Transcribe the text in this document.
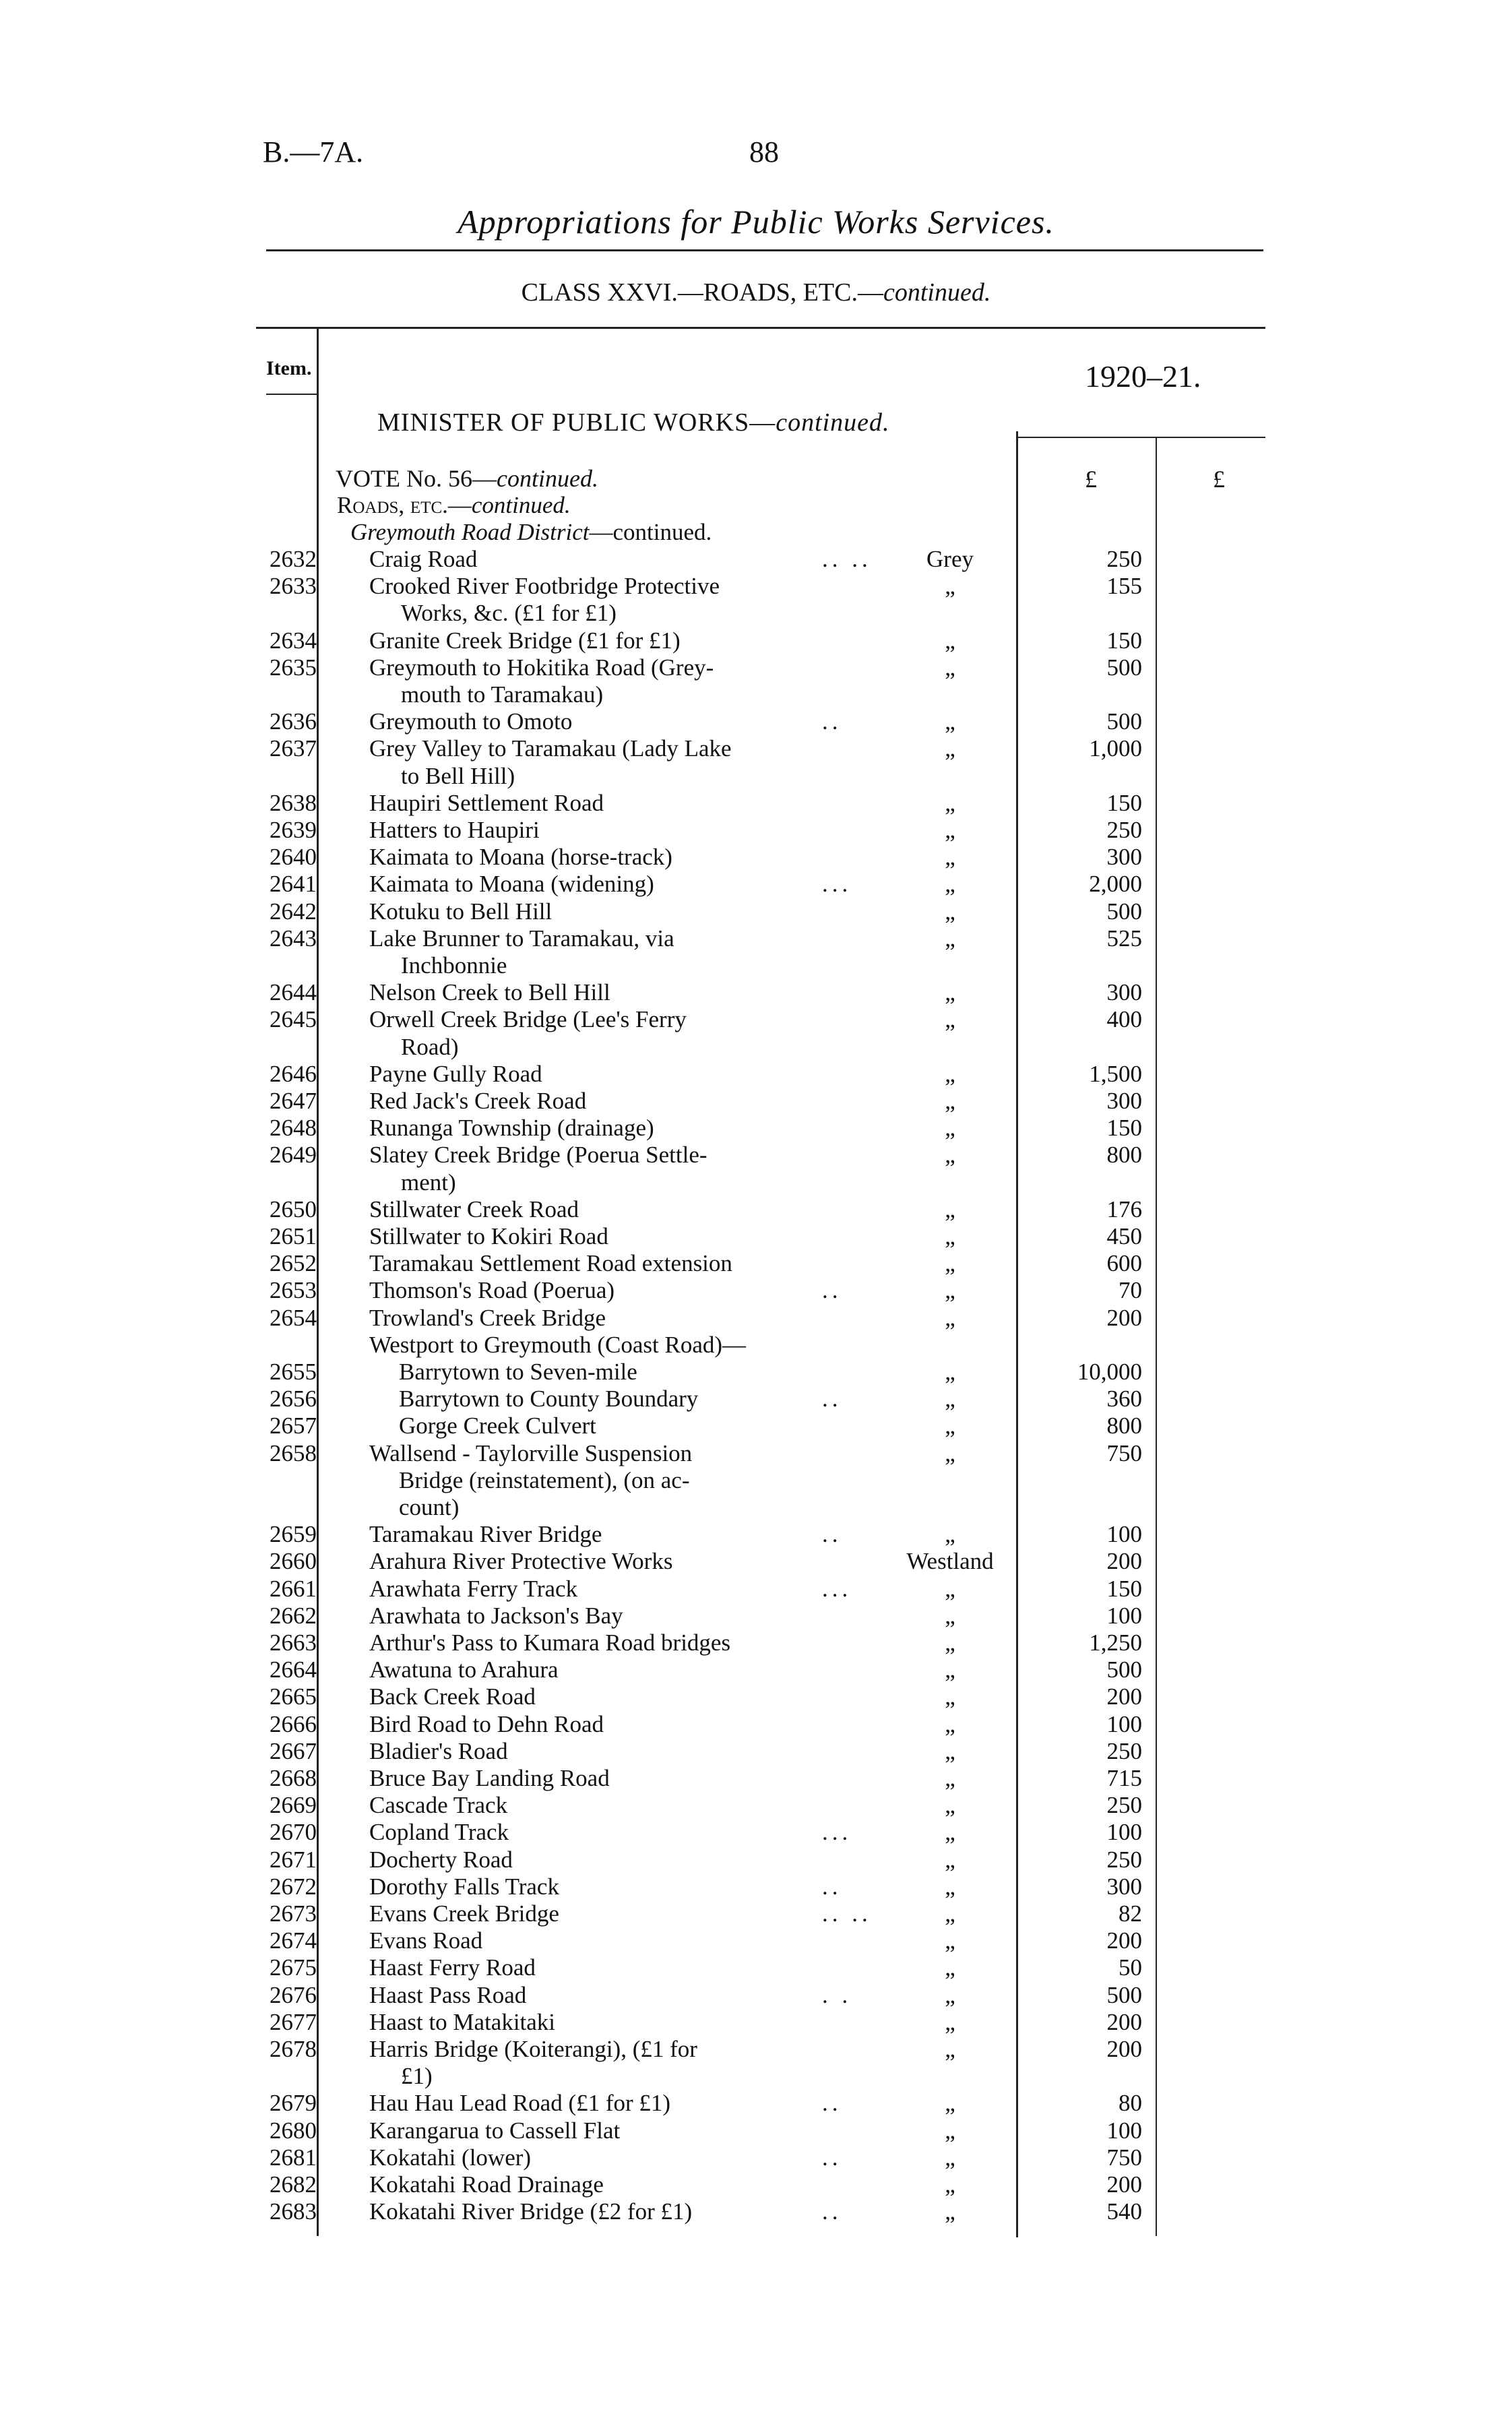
B.—7A.	88
Appropriations for Public Works Services.
CLASS XXVI.—ROADS, ETC.—continued.
Item.	1920–21.
MINISTER OF PUBLIC WORKS—continued.
£	£
VOTE No. 56—continued.
Roads, etc.—continued.
Greymouth Road District—continued.
2632 Craig Road	.. ..	Grey	250
2633 Crooked River Footbridge Protective
Works, &c. (£1 for £1)
„	155
2634 Granite Creek Bridge (£1 for £1)	„	150
2635 Greymouth to Hokitika Road (Grey-
mouth to Taramakau)
„	500
2636 Greymouth to Omoto	..	„	500
2637 Grey Valley to Taramakau (Lady Lake
to Bell Hill)
„	1,000
2638 Haupiri Settlement Road	„	150
2639 Hatters to Haupiri	„	250
2640 Kaimata to Moana (horse-track)	„	300
2641 Kaimata to Moana (widening)	...	„	2,000
2642 Kotuku to Bell Hill	„	500
2643 Lake Brunner to Taramakau, via
Inchbonnie
„	525
2644 Nelson Creek to Bell Hill	„	300
2645 Orwell Creek Bridge (Lee's Ferry
Road)
„	400
2646 Payne Gully Road	„	1,500
2647 Red Jack's Creek Road	„	300
2648 Runanga Township (drainage)	„	150
2649 Slatey Creek Bridge (Poerua Settle-
ment)
„	800
2650 Stillwater Creek Road	„	176
2651 Stillwater to Kokiri Road	„	450
2652 Taramakau Settlement Road extension	„	600
2653 Thomson's Road (Poerua)	..	„	70
2654 Trowland's Creek Bridge	„	200
Westport to Greymouth (Coast Road)—
2655	Barrytown to Seven-mile	„	10,000
2656	Barrytown to County Boundary	..	„	360
2657	Gorge Creek Culvert	„	800
2658 Wallsend - Taylorville Suspension
Bridge (reinstatement), (on ac-
count)
„	750
2659 Taramakau River Bridge	..	„	100
2660 Arahura River Protective Works	Westland	200
2661 Arawhata Ferry Track	...	„	150
2662 Arawhata to Jackson's Bay	„	100
2663 Arthur's Pass to Kumara Road bridges	„	1,250
2664 Awatuna to Arahura	„	500
2665 Back Creek Road	„	200
2666 Bird Road to Dehn Road	„	100
2667 Bladier's Road	„	250
2668 Bruce Bay Landing Road	„	715
2669 Cascade Track	„	250
2670 Copland Track	...	„	100
2671 Docherty Road	„	250
2672 Dorothy Falls Track	..	„	300
2673 Evans Creek Bridge	.. ..	„	82
2674 Evans Road	„	200
2675 Haast Ferry Road	„	50
2676 Haast Pass Road	. .	„	500
2677 Haast to Matakitaki	„	200
2678 Harris Bridge (Koiterangi), (£1 for
£1)
„	200
2679 Hau Hau Lead Road (£1 for £1)	..	„	80
2680 Karangarua to Cassell Flat	„	100
2681 Kokatahi (lower)	..	„	750
2682 Kokatahi Road Drainage	„	200
2683 Kokatahi River Bridge (£2 for £1)	..	„	540
